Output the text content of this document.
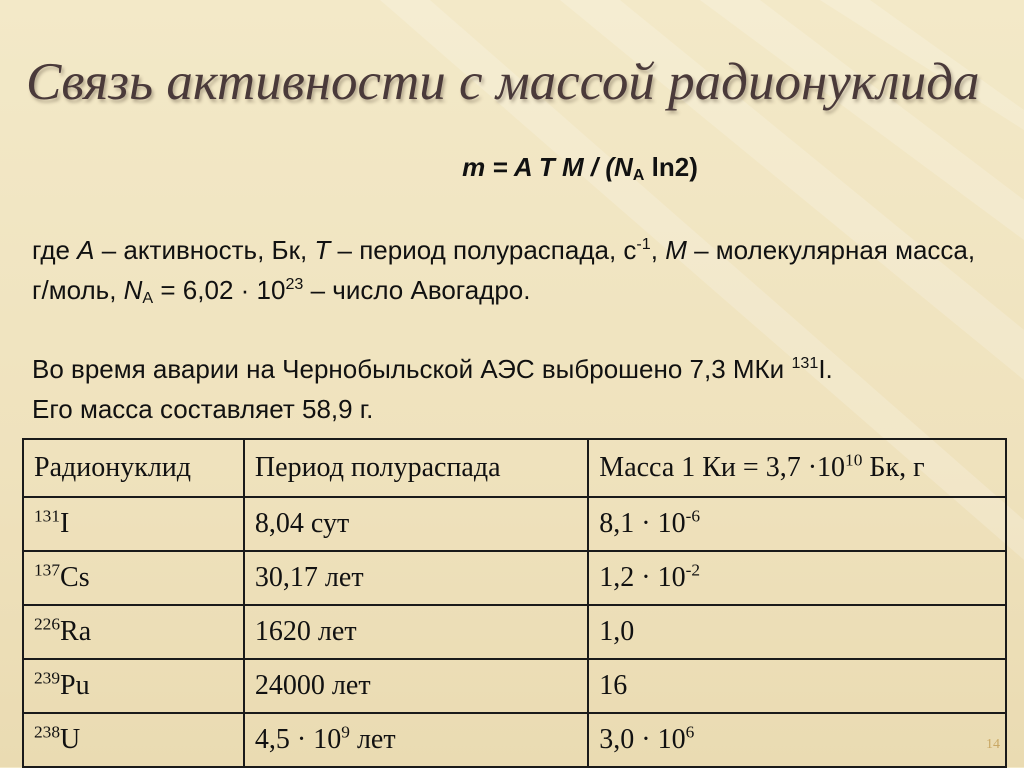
Связь активности с массой радионуклида
m = A T M / ($N_A$ ln2)

где A – активность, Бк, T – период полураспада, $с^{-1}$, M – молекулярная масса, г/моль, $N_A = 6,02 \cdot 10^{23}$ – число Авогадро.

Во время аварии на Чернобыльской АЭС выброшено 7,3 МКи $^{131}$I.
Его масса составляет 58,9 г.

Радионуклид	Период полураспада	Масса 1 Ки = $3,7 \cdot 10^{10}$ Бк, г
$^{131}$I	8,04 сут	$8,1 \cdot 10^{-6}$
$^{137}$Cs	30,17 лет	$1,2 \cdot 10^{-2}$
$^{226}$Ra	1620 лет	1,0
$^{239}$Pu	24000 лет	16
$^{238}$U	$4,5 \cdot 10^9$ лет	$3,0 \cdot 10^6$
14
